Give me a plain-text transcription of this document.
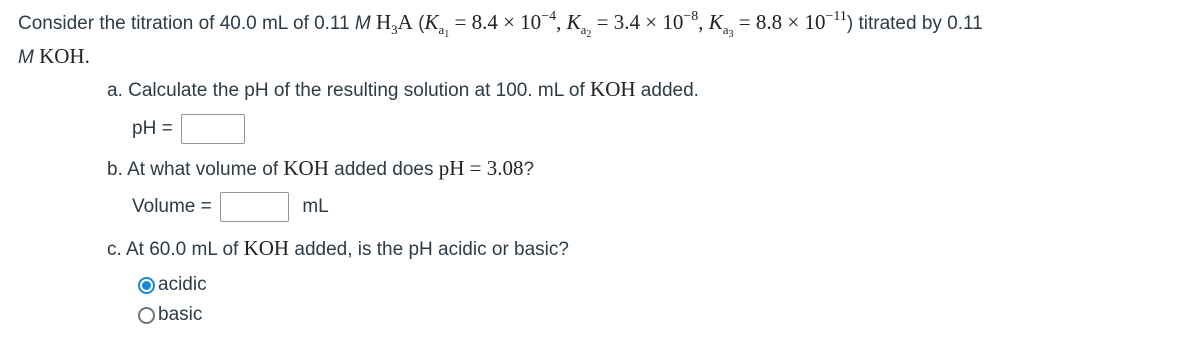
Consider the titration of 40.0 mL of 0.11 M $H_3A$ ($K_{a_1} = 8.4 \times 10^{-4}$, $K_{a_2} = 3.4 \times 10^{-8}$, $K_{a_3} = 8.8 \times 10^{-11}$) titrated by 0.11
M KOH.
a. Calculate the pH of the resulting solution at 100. mL of KOH added.
pH =
b. At what volume of KOH added does pH = 3.08?
Volume =	mL
c. At 60.0 mL of KOH added, is the pH acidic or basic?
acidic
basic
